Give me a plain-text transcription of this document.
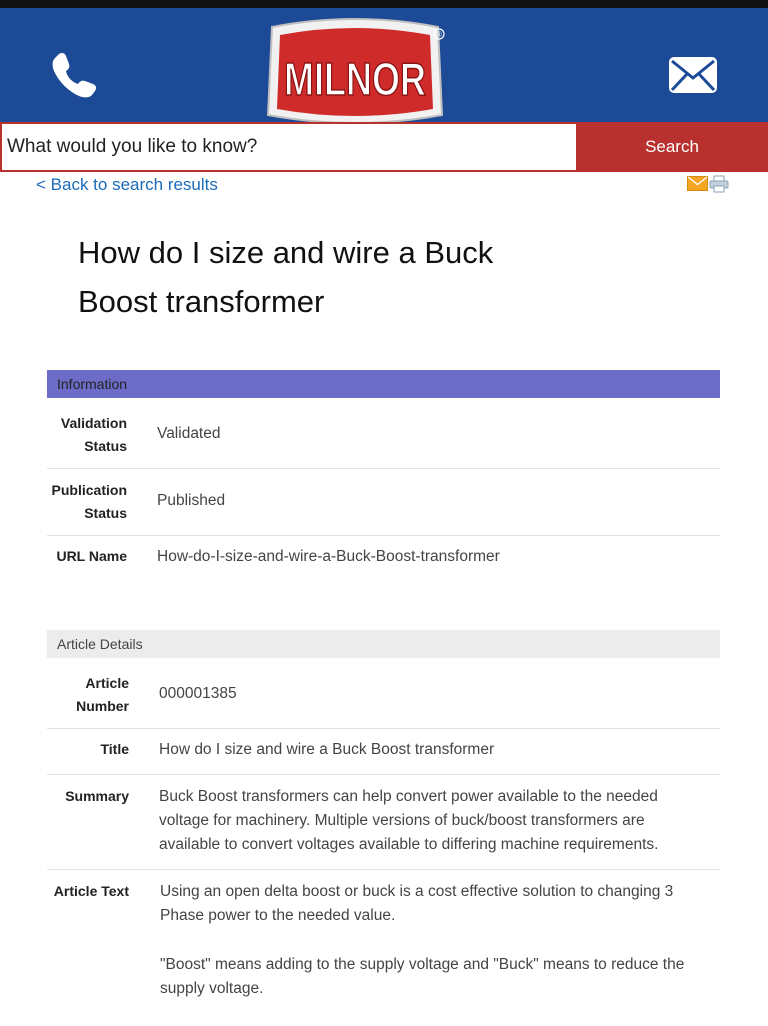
MILNOR
®
What would you like to know?
Search
< Back to search results
How do I size and wire a Buck Boost transformer
Information
Validation Status
Validated
Publication Status
Published
URL Name How-do-I-size-and-wire-a-Buck-Boost-transformer
Article Details
Article Number
000001385
Title How do I size and wire a Buck Boost transformer
Summary Buck Boost transformers can help convert power available to the needed voltage for machinery. Multiple versions of buck/boost transformers are available to convert voltages available to differing machine requirements.
Article Text Using an open delta boost or buck is a cost effective solution to changing 3 Phase power to the needed value.

"Boost" means adding to the supply voltage and "Buck" means to reduce the supply voltage.
